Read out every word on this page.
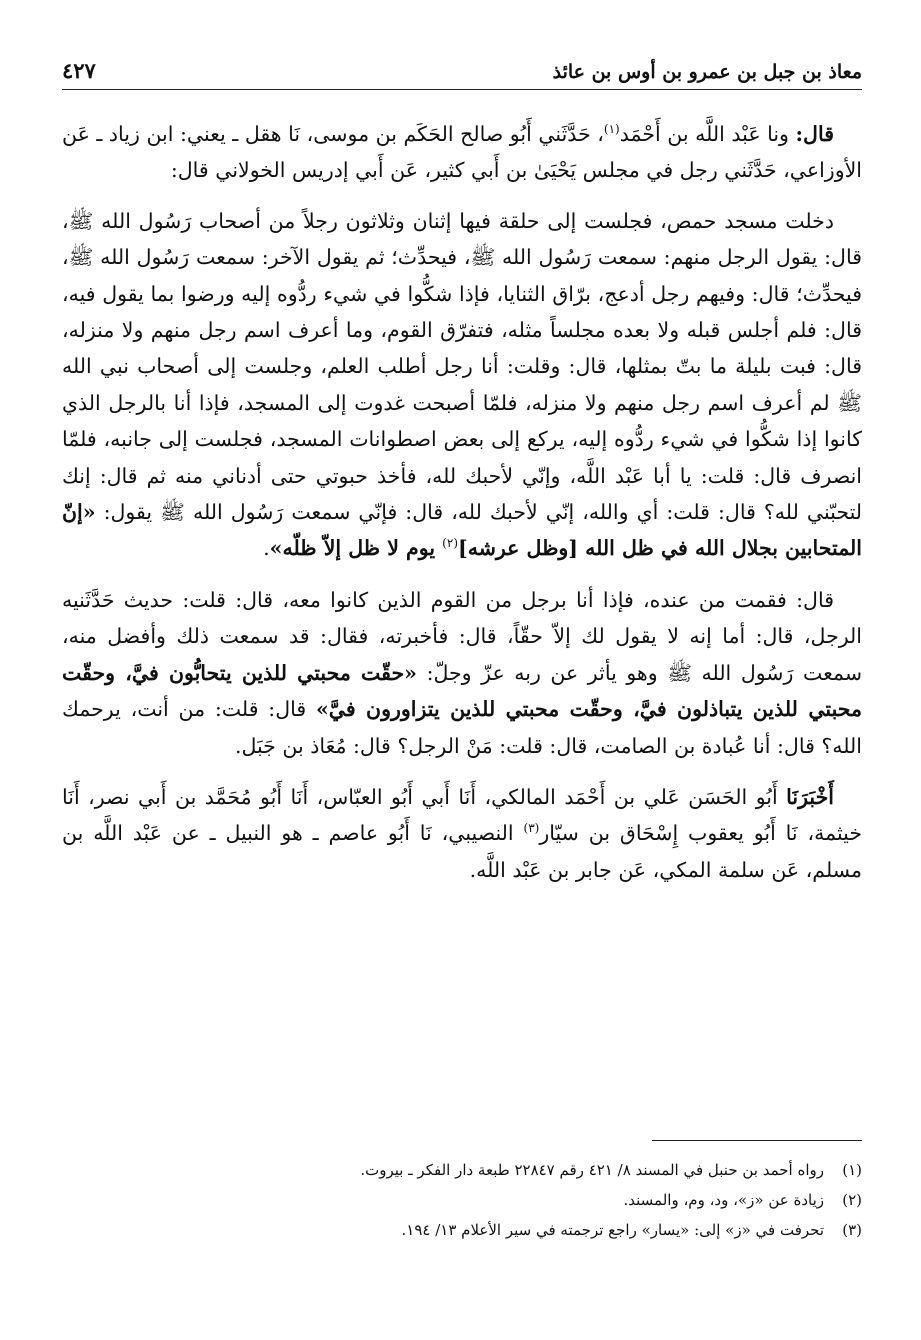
معاذ بن جبل بن عمرو بن أوس بن عائذ
٤٢٧

قال: ونا عَبْد اللَّه بن أَحْمَد$^{(١)}$، حَدَّثَني أَبُو صالح الحَكَم بن موسى، نَا هقل ـ يعني: ابن زياد ـ عَن الأوزاعي، حَدَّثَني رجل في مجلس يَحْيَىٰ بن أَبي كثير، عَن أَبي إدريس الخولاني قال:

دخلت مسجد حمص، فجلست إلى حلقة فيها إثنان وثلاثون رجلاً من أصحاب رَسُول الله ﷺ، قال: يقول الرجل منهم: سمعت رَسُول الله ﷺ، فيحدِّث؛ ثم يقول الآخر: سمعت رَسُول الله ﷺ، فيحدِّث؛ قال: وفيهم رجل أدعج، برّاق الثنايا، فإذا شكُّوا في شيء ردُّوه إليه ورضوا بما يقول فيه، قال: فلم أجلس قبله ولا بعده مجلساً مثله، فتفرّق القوم، وما أعرف اسم رجل منهم ولا منزله، قال: فبت بليلة ما بتّ بمثلها، قال: وقلت: أنا رجل أطلب العلم، وجلست إلى أصحاب نبي الله ﷺ لم أعرف اسم رجل منهم ولا منزله، فلمّا أصبحت غدوت إلى المسجد، فإذا أنا بالرجل الذي كانوا إذا شكُّوا في شيء ردُّوه إليه، يركع إلى بعض اصطوانات المسجد، فجلست إلى جانبه، فلمّا انصرف قال: قلت: يا أبا عَبْد اللَّه، وإنّي لأحبك لله، فأخذ حبوتي حتى أدناني منه ثم قال: إنك لتحبّني لله؟ قال: قلت: أي والله، إنّي لأحبك لله، قال: فإنّي سمعت رَسُول الله ﷺ يقول: «إنّ المتحابين بجلال الله في ظل الله [وظل عرشه]$^{(٢)}$ يوم لا ظل إلاّ ظلّه».

قال: فقمت من عنده، فإذا أنا برجل من القوم الذين كانوا معه، قال: قلت: حديث حَدَّثَنيه الرجل، قال: أما إنه لا يقول لك إلاّ حقّاً، قال: فأخبرته، فقال: قد سمعت ذلك وأفضل منه، سمعت رَسُول الله ﷺ وهو يأثر عن ربه عزّ وجلّ: «حقّت محبتي للذين يتحابُّون فيَّ، وحقّت محبتي للذين يتباذلون فيَّ، وحقّت محبتي للذين يتزاورون فيَّ» قال: قلت: من أنت، يرحمك الله؟ قال: أنا عُبادة بن الصامت، قال: قلت: مَنْ الرجل؟ قال: مُعَاذ بن جَبَل.

أَخْبَرَنَا أَبُو الحَسَن عَلي بن أَحْمَد المالكي، أَنَا أَبي أَبُو العبّاس، أَنَا أَبُو مُحَمَّد بن أَبي نصر، أَنَا خيثمة، نَا أَبُو يعقوب إِسْحَاق بن سيّار$^{(٣)}$ النصيبي، نَا أَبُو عاصم ـ هو النبيل ـ عن عَبْد اللَّه بن مسلم، عَن سلمة المكي، عَن جابر بن عَبْد اللَّه.

(١)رواه أحمد بن حنبل في المسند ٨/ ٤٢١ رقم ٢٢٨٤٧ طبعة دار الفكر ـ بيروت.
(٢)زيادة عن «ز»، ود، وم، والمسند.
(٣)تحرفت في «ز» إلى: «يسار» راجع ترجمته في سير الأعلام ١٣/ ١٩٤.
